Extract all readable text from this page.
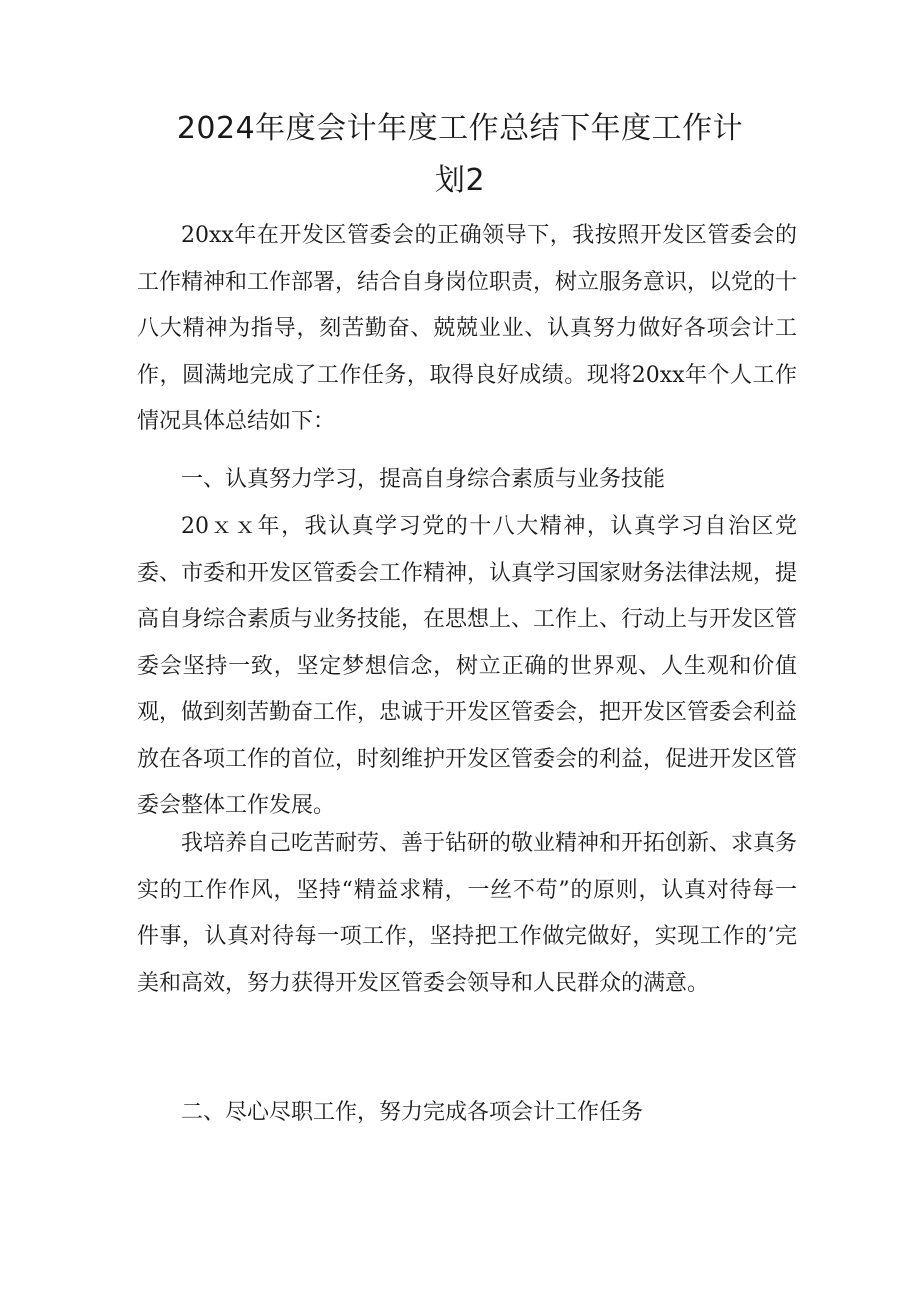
2024年度会计年度工作总结下年度工作计
划2

20xx年在开发区管委会的正确领导下，我按照开发区管委会的工作精神和工作部署，结合自身岗位职责，树立服务意识，以党的十八大精神为指导，刻苦勤奋、兢兢业业、认真努力做好各项会计工作，圆满地完成了工作任务，取得良好成绩。现将20xx年个人工作情况具体总结如下：

一、认真努力学习，提高自身综合素质与业务技能

20ｘｘ年，我认真学习党的十八大精神，认真学习自治区党委、市委和开发区管委会工作精神，认真学习国家财务法律法规，提高自身综合素质与业务技能，在思想上、工作上、行动上与开发区管委会坚持一致，坚定梦想信念，树立正确的世界观、人生观和价值观，做到刻苦勤奋工作，忠诚于开发区管委会，把开发区管委会利益放在各项工作的首位，时刻维护开发区管委会的利益，促进开发区管委会整体工作发展。

我培养自己吃苦耐劳、善于钻研的敬业精神和开拓创新、求真务实的工作作风，坚持“精益求精，一丝不苟”的原则，认真对待每一件事，认真对待每一项工作，坚持把工作做完做好，实现工作的’完美和高效，努力获得开发区管委会领导和人民群众的满意。

二、尽心尽职工作，努力完成各项会计工作任务
